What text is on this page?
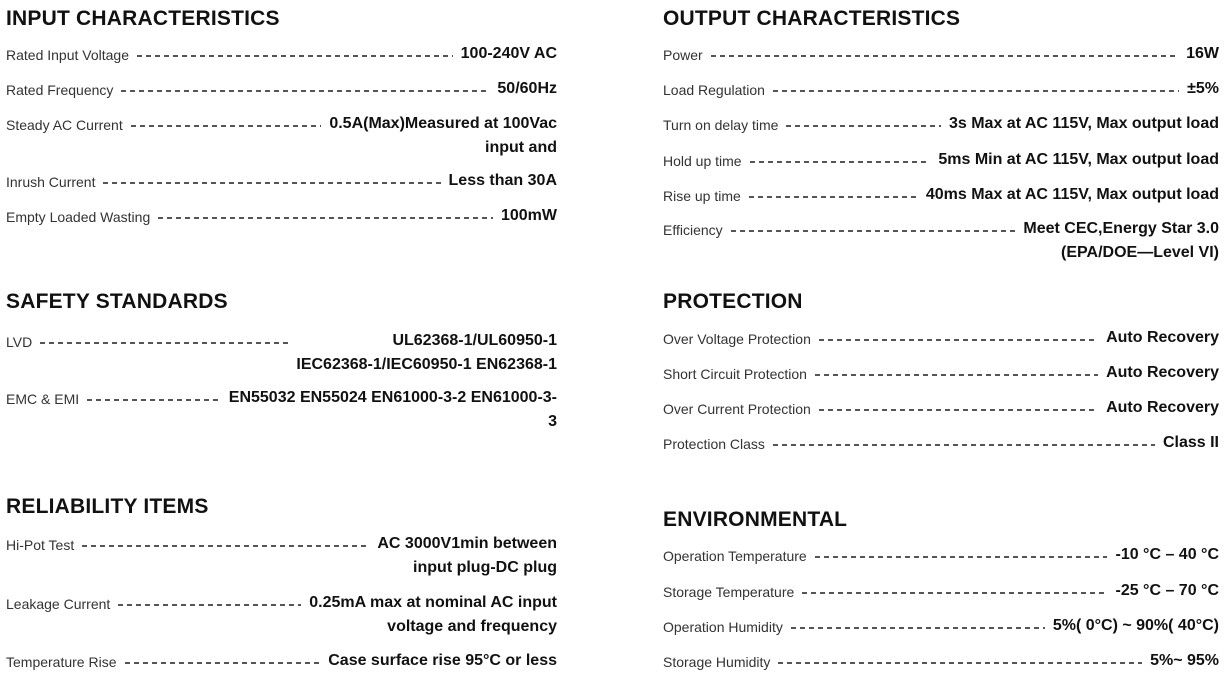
INPUT CHARACTERISTICS
Rated Input Voltage	100-240V AC
Rated Frequency	50/60Hz
Steady AC Current	0.5A(Max)Measured at 100Vac
input and
Inrush Current	Less than 30A
Empty Loaded Wasting	100mW
SAFETY STANDARDS
LVD	UL62368-1/UL60950-1
IEC62368-1/IEC60950-1 EN62368-1
EMC & EMI	EN55032 EN55024 EN61000-3-2 EN61000-3-3
RELIABILITY ITEMS
Hi-Pot Test	AC 3000V1min between
input plug-DC plug
Leakage Current	0.25mA max at nominal AC input
voltage and frequency
Temperature Rise	Case surface rise 95°C or less
OUTPUT CHARACTERISTICS
Power	16W
Load Regulation	±5%
Turn on delay time	3s Max at AC 115V, Max output load
Hold up time	5ms Min at AC 115V, Max output load
Rise up time	40ms Max at AC 115V, Max output load
Efficiency	Meet CEC,Energy Star 3.0
(EPA/DOE—Level VI)
PROTECTION
Over Voltage Protection	Auto Recovery
Short Circuit Protection	Auto Recovery
Over Current Protection	Auto Recovery
Protection Class	Class II
ENVIRONMENTAL
Operation Temperature	-10 °C – 40 °C
Storage Temperature	-25 °C – 70 °C
Operation Humidity	5%( 0°C) ~ 90%( 40°C)
Storage Humidity	5%~ 95%
